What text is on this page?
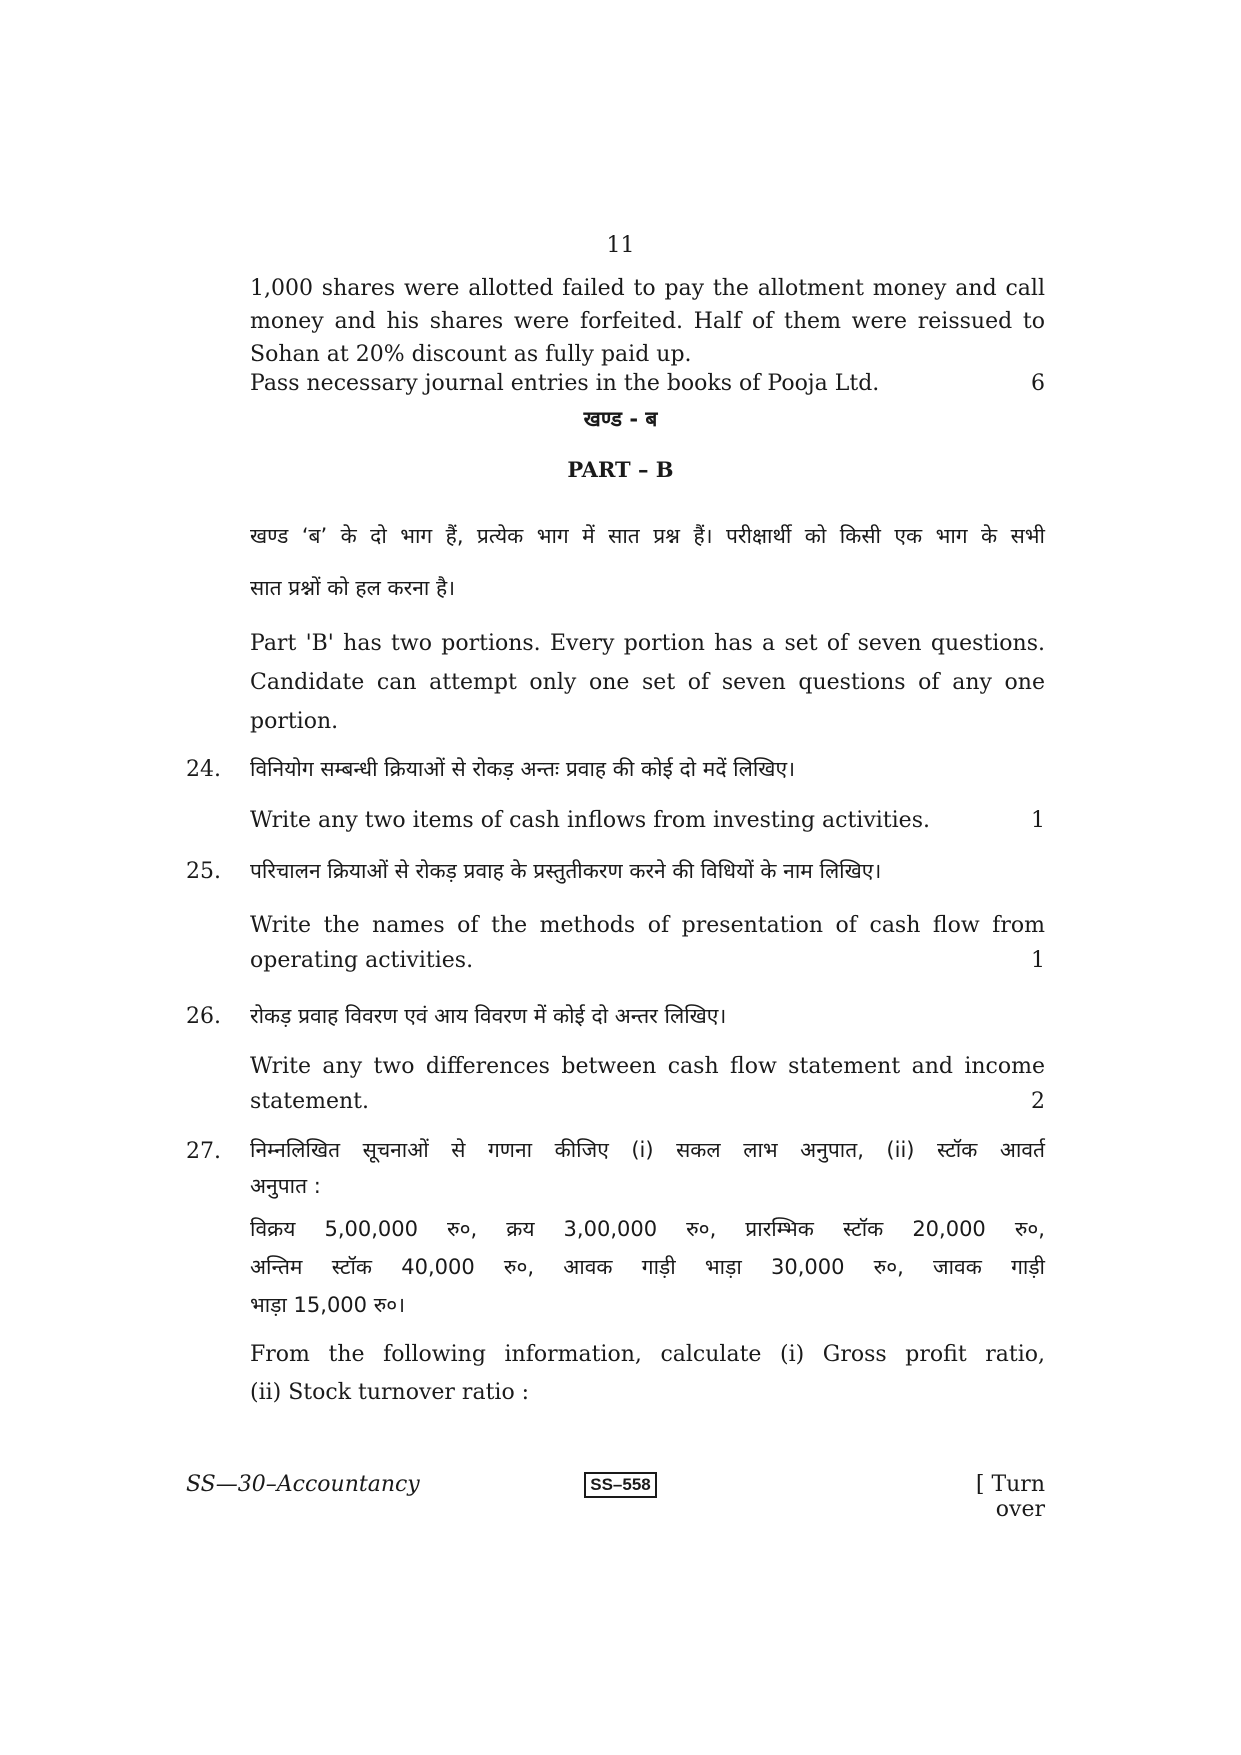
11
1,000 shares were allotted failed to pay the allotment money and call
money and his shares were forfeited. Half of them were reissued to
Sohan at 20% discount as fully paid up.
Pass necessary journal entries in the books of Pooja Ltd.	6
खण्ड - ब
PART – B
खण्ड ‘ब’ के दो भाग हैं, प्रत्येक भाग में सात प्रश्न हैं। परीक्षार्थी को किसी एक भाग के सभी
सात प्रश्नों को हल करना है।
Part 'B' has two portions. Every portion has a set of seven questions.
Candidate can attempt only one set of seven questions of any one
portion.
24. विनियोग सम्बन्धी क्रियाओं से रोकड़ अन्तः प्रवाह की कोई दो मदें लिखिए।
Write any two items of cash inflows from investing activities.	1
25. परिचालन क्रियाओं से रोकड़ प्रवाह के प्रस्तुतीकरण करने की विधियों के नाम लिखिए।
Write the names of the methods of presentation of cash flow from
operating activities.	1
26. रोकड़ प्रवाह विवरण एवं आय विवरण में कोई दो अन्तर लिखिए।
Write any two differences between cash flow statement and income
statement.	2
27. निम्नलिखित सूचनाओं से गणना कीजिए (i) सकल लाभ अनुपात, (ii) स्टॉक आवर्त
अनुपात :
विक्रय 5,00,000 रु०, क्रय 3,00,000 रु०, प्रारम्भिक स्टॉक 20,000 रु०,
अन्तिम स्टॉक 40,000 रु०, आवक गाड़ी भाड़ा 30,000 रु०, जावक गाड़ी
भाड़ा 15,000 रु०।
From the following information, calculate (i) Gross profit ratio,
(ii) Stock turnover ratio :
SS—30–Accountancy	SS–558	[ Turn over
